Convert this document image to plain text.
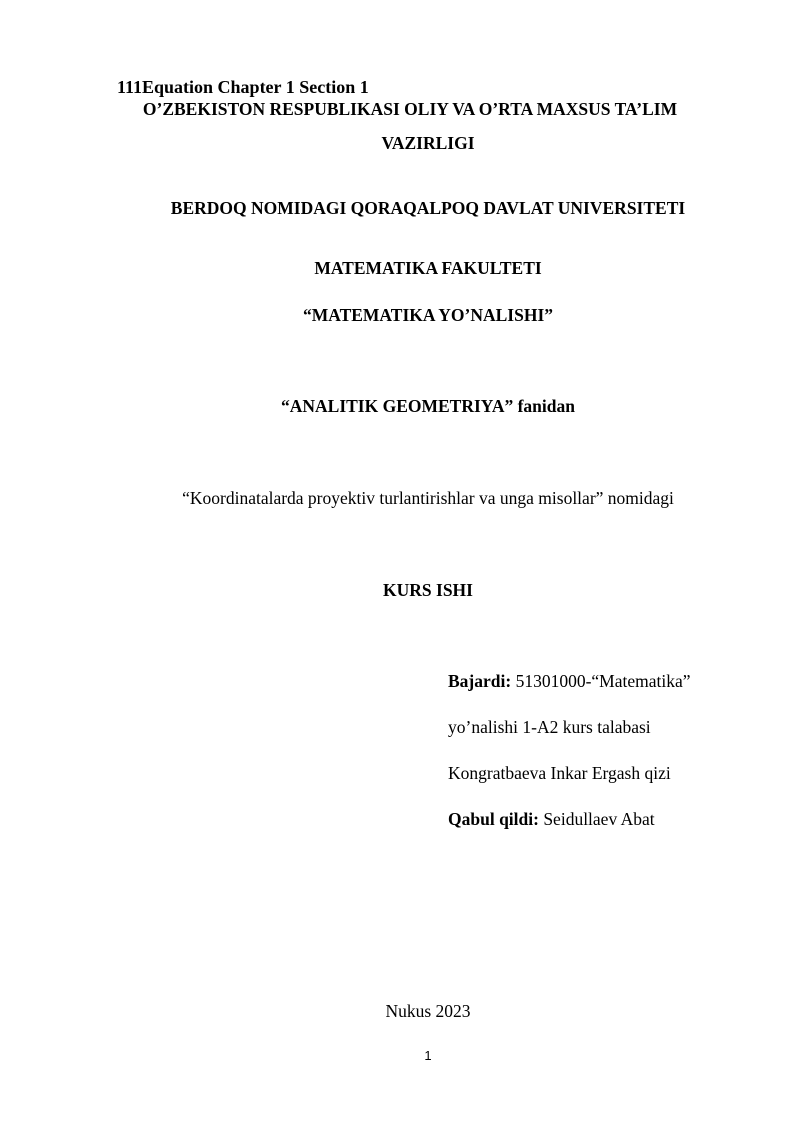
111Equation Chapter 1 Section 1
O’ZBEKISTON RESPUBLIKASI OLIY VA O’RTA MAXSUS TA’LIM
VAZIRLIGI
BERDOQ NOMIDAGI QORAQALPOQ DAVLAT UNIVERSITETI
MATEMATIKA FAKULTETI
“MATEMATIKA YO’NALISHI”
“ANALITIK GEOMETRIYA” fanidan
“Koordinatalarda proyektiv turlantirishlar va unga misollar” nomidagi
KURS ISHI
Bajardi: 51301000-“Matematika”
yo’nalishi 1-A2 kurs talabasi
Kongratbaeva Inkar Ergash qizi
Qabul qildi: Seidullaev Abat
Nukus 2023
1
